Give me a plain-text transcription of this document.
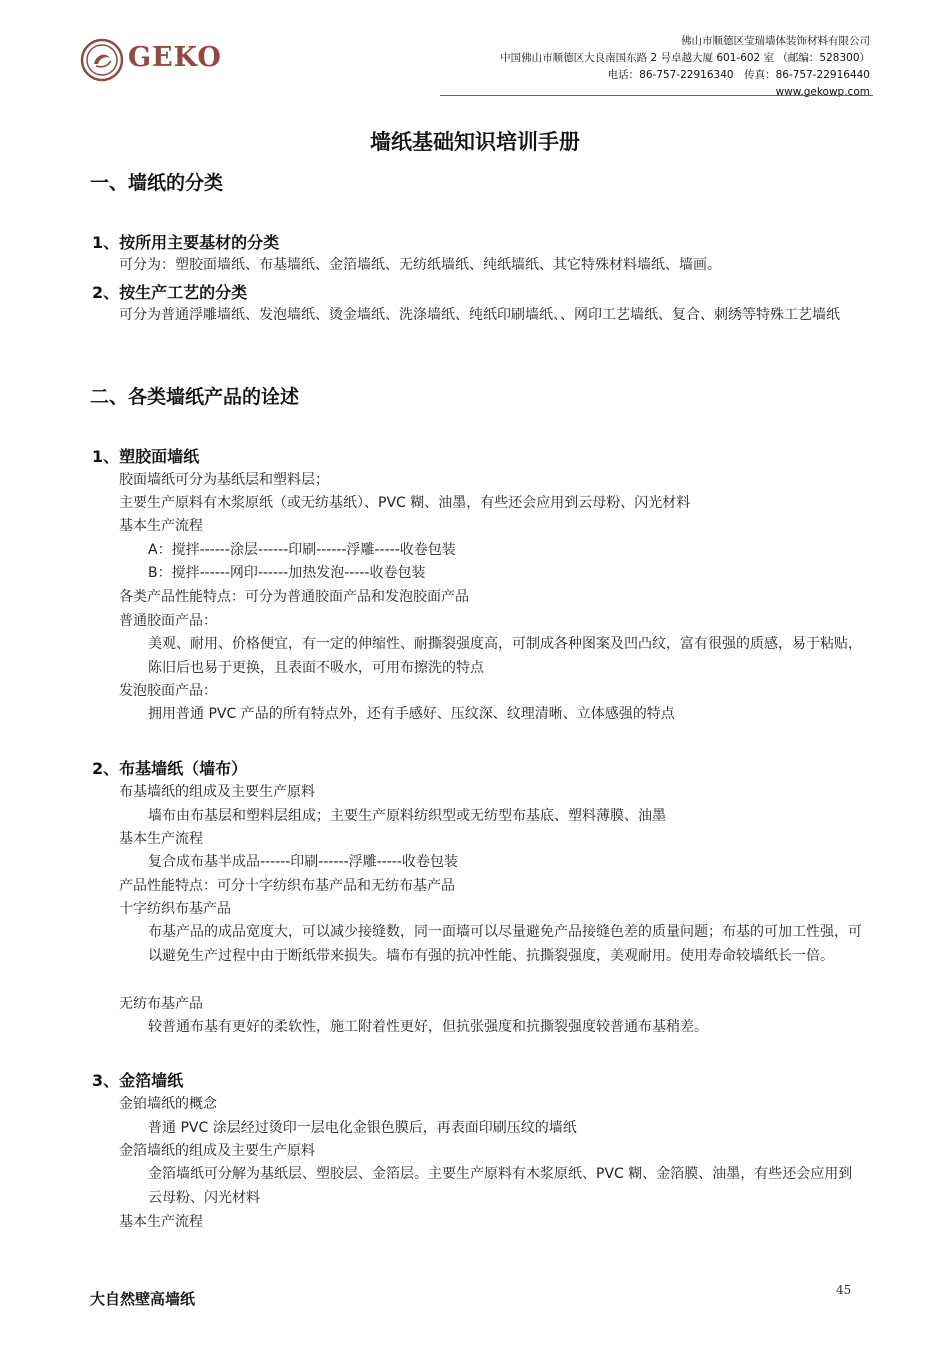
GEKO
佛山市顺德区莹瑞墙体装饰材料有限公司
中国佛山市顺德区大良南国东路 2 号卓越大厦 601-602 室 （邮编：528300）
电话：86-757-22916340　传真：86-757-22916440
www.gekowp.com
墙纸基础知识培训手册
一、墙纸的分类
1、按所用主要基材的分类
可分为：塑胶面墙纸、布基墙纸、金箔墙纸、无纺纸墙纸、纯纸墙纸、其它特殊材料墙纸、墙画。
2、按生产工艺的分类
可分为普通浮雕墙纸、发泡墙纸、烫金墙纸、洗涤墙纸、纯纸印刷墙纸、、网印工艺墙纸、复合、刺绣等特殊工艺墙纸
二、各类墙纸产品的诠述
1、塑胶面墙纸
胶面墙纸可分为基纸层和塑料层；
主要生产原料有木浆原纸（或无纺基纸）、PVC 糊、油墨，有些还会应用到云母粉、闪光材料
基本生产流程
A：搅拌------涂层------印刷------浮雕-----收卷包装
B：搅拌------网印------加热发泡-----收卷包装
各类产品性能特点：可分为普通胶面产品和发泡胶面产品
普通胶面产品：
美观、耐用、价格便宜，有一定的伸缩性、耐撕裂强度高，可制成各种图案及凹凸纹，富有很强的质感，易于粘贴，陈旧后也易于更换，且表面不吸水，可用布擦洗的特点
发泡胶面产品：
拥用普通 PVC 产品的所有特点外，还有手感好、压纹深、纹理清晰、立体感强的特点
2、布基墙纸（墙布）
布基墙纸的组成及主要生产原料
墙布由布基层和塑料层组成；主要生产原料纺织型或无纺型布基底、塑料薄膜、油墨
基本生产流程
复合成布基半成品------印刷------浮雕-----收卷包装
产品性能特点：可分十字纺织布基产品和无纺布基产品
十字纺织布基产品
布基产品的成品宽度大，可以减少接缝数，同一面墙可以尽量避免产品接缝色差的质量问题；布基的可加工性强，可以避免生产过程中由于断纸带来损失。墙布有强的抗冲性能、抗撕裂强度，美观耐用。使用寿命较墙纸长一倍。
无纺布基产品
较普通布基有更好的柔软性，施工附着性更好，但抗张强度和抗撕裂强度较普通布基稍差。
3、金箔墙纸
金铂墙纸的概念
普通 PVC 涂层经过烫印一层电化金银色膜后，再表面印刷压纹的墙纸
金箔墙纸的组成及主要生产原料
金箔墙纸可分解为基纸层、塑胶层、金箔层。主要生产原料有木浆原纸、PVC 糊、金箔膜、油墨，有些还会应用到云母粉、闪光材料
基本生产流程
大自然壁高墙纸	45
